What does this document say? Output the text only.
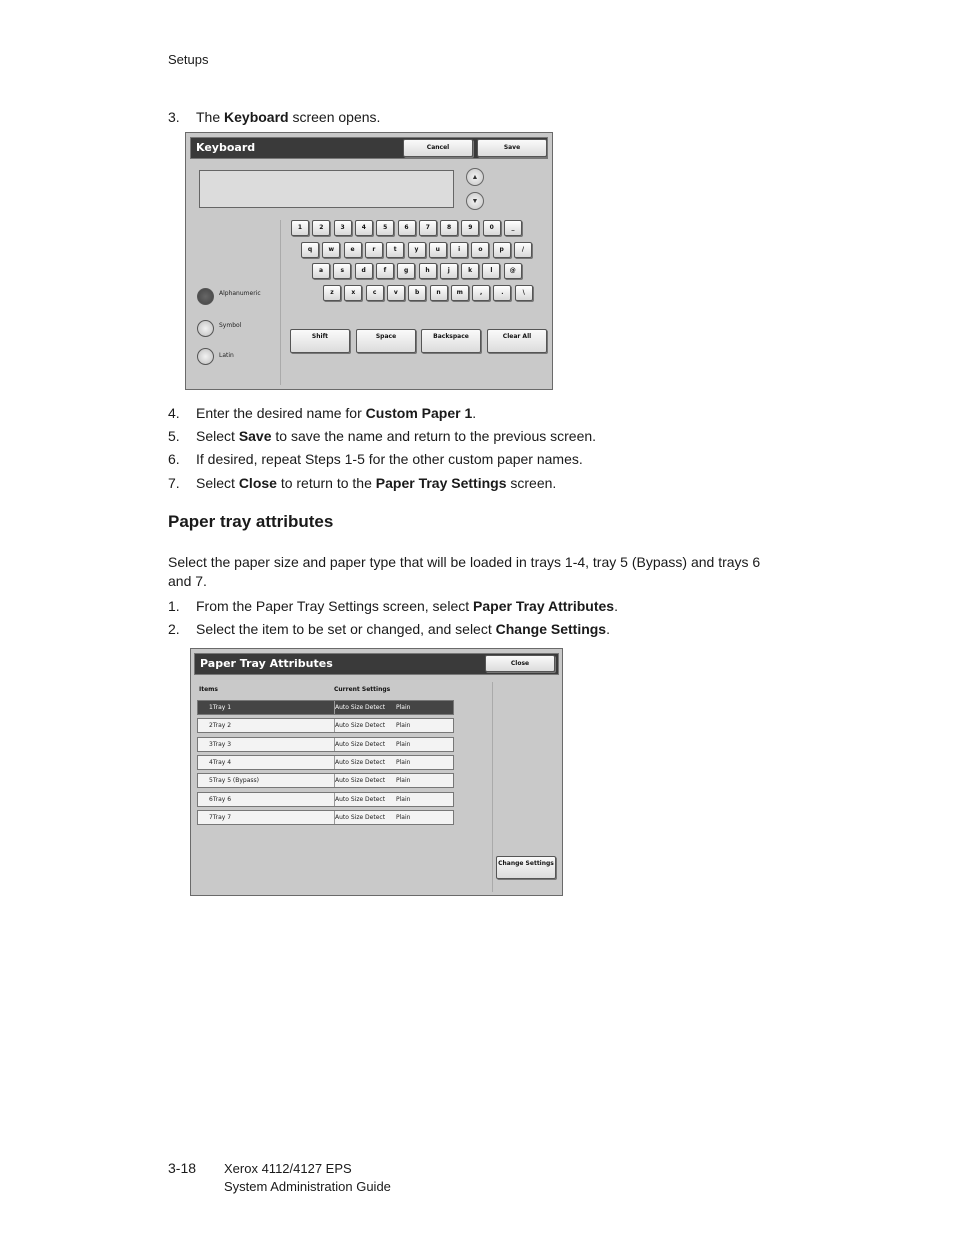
Setups
3.	The Keyboard screen opens.
Keyboard	Cancel	Save
▲
▼
1	2	3	4	5	6	7	8	9	0	_
q	w	e	r	t	y	u	i	o	p	/
a	s	d	f	g	h	j	k	l	@
z	x	c	v	b	n	m	,	.	\
Alphanumeric
Symbol
Latin
Shift	Space	Backspace	Clear All
4.	Enter the desired name for Custom Paper 1.
5.	Select Save to save the name and return to the previous screen.
6.	If desired, repeat Steps 1-5 for the other custom paper names.
7.	Select Close to return to the Paper Tray Settings screen.
Paper tray attributes
Select the paper size and paper type that will be loaded in trays 1-4, tray 5 (Bypass) and trays 6
and 7.
1.	From the Paper Tray Settings screen, select Paper Tray Attributes.
2.	Select the item to be set or changed, and select Change Settings.
Paper Tray Attributes	Close
Items	Current Settings
1Tray 1	Auto Size Detect Plain
2Tray 2	Auto Size Detect Plain
3Tray 3	Auto Size Detect Plain
4Tray 4	Auto Size Detect Plain
5Tray 5 (Bypass)	Auto Size Detect Plain
6Tray 6	Auto Size Detect Plain
7Tray 7	Auto Size Detect Plain
Change Settings
3-18 Xerox 4112/4127 EPS
System Administration Guide
